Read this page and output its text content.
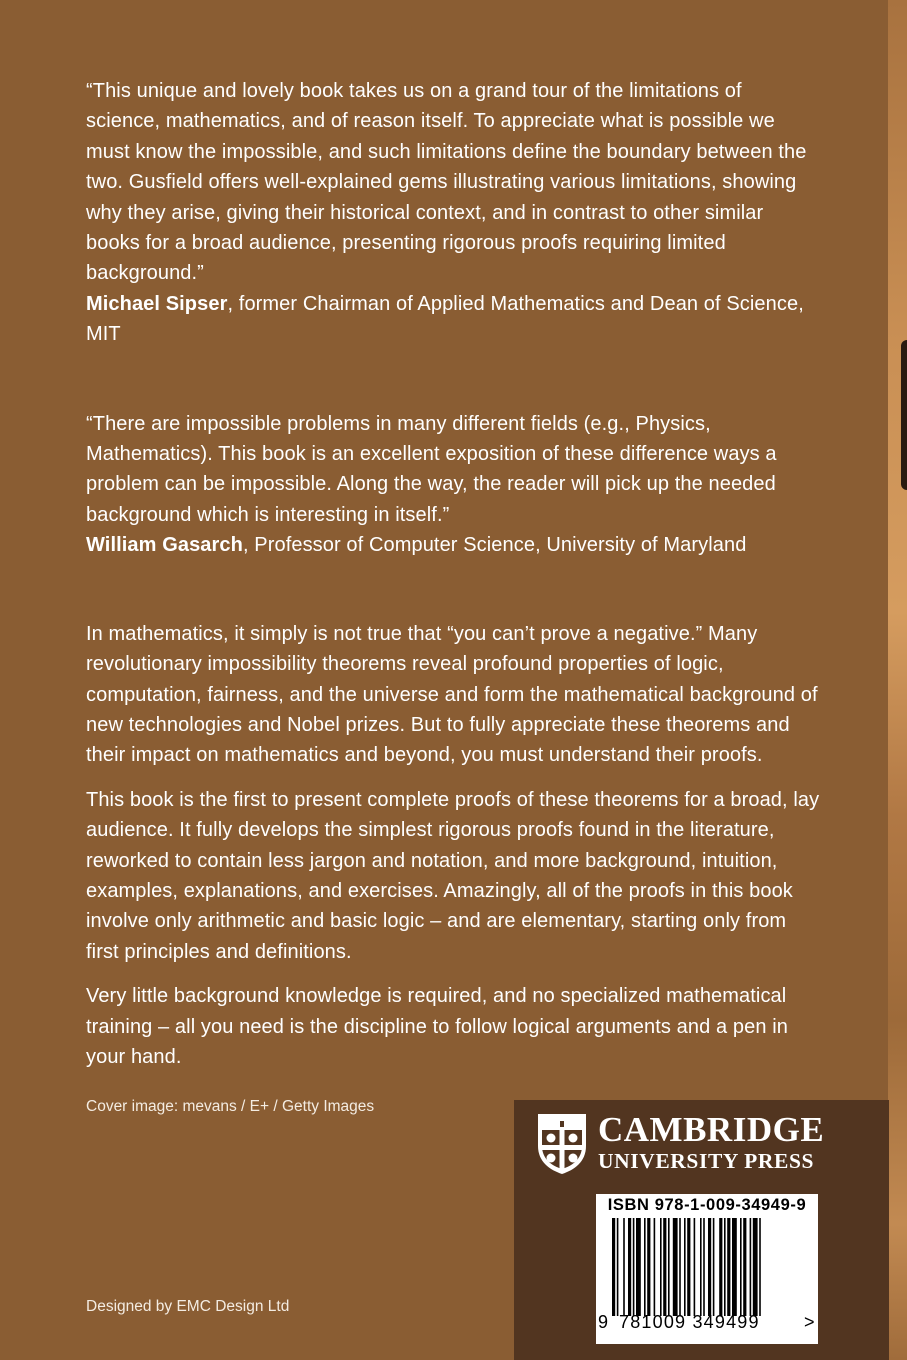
“This unique and lovely book takes us on a grand tour of the limitations of science, mathematics, and of reason itself. To appreciate what is possible we must know the impossible, and such limitations define the boundary between the two. Gusfield offers well-explained gems illustrating various limitations, showing why they arise, giving their historical context, and in contrast to other similar books for a broad audience, presenting rigorous proofs requiring limited background.”

Michael Sipser, former Chairman of Applied Mathematics and Dean of Science, MIT

“There are impossible problems in many different fields (e.g., Physics, Mathematics). This book is an excellent exposition of these difference ways a problem can be impossible. Along the way, the reader will pick up the needed background which is interesting in itself.”

William Gasarch, Professor of Computer Science, University of Maryland

In mathematics, it simply is not true that “you can’t prove a negative.” Many revolutionary impossibility theorems reveal profound properties of logic, computation, fairness, and the universe and form the mathematical background of new technologies and Nobel prizes. But to fully appreciate these theorems and their impact on mathematics and beyond, you must understand their proofs.

This book is the first to present complete proofs of these theorems for a broad, lay audience. It fully develops the simplest rigorous proofs found in the literature, reworked to contain less jargon and notation, and more background, intuition, examples, explanations, and exercises. Amazingly, all of the proofs in this book involve only arithmetic and basic logic – and are elementary, starting only from first principles and definitions.

Very little background knowledge is required, and no specialized mathematical training – all you need is the discipline to follow logical arguments and a pen in your hand.

Cover image: mevans / E+ / Getty Images
Designed by EMC Design Ltd
CAMBRIDGE
UNIVERSITY PRESS
ISBN 978-1-009-34949-9
9 781009 349499 >
